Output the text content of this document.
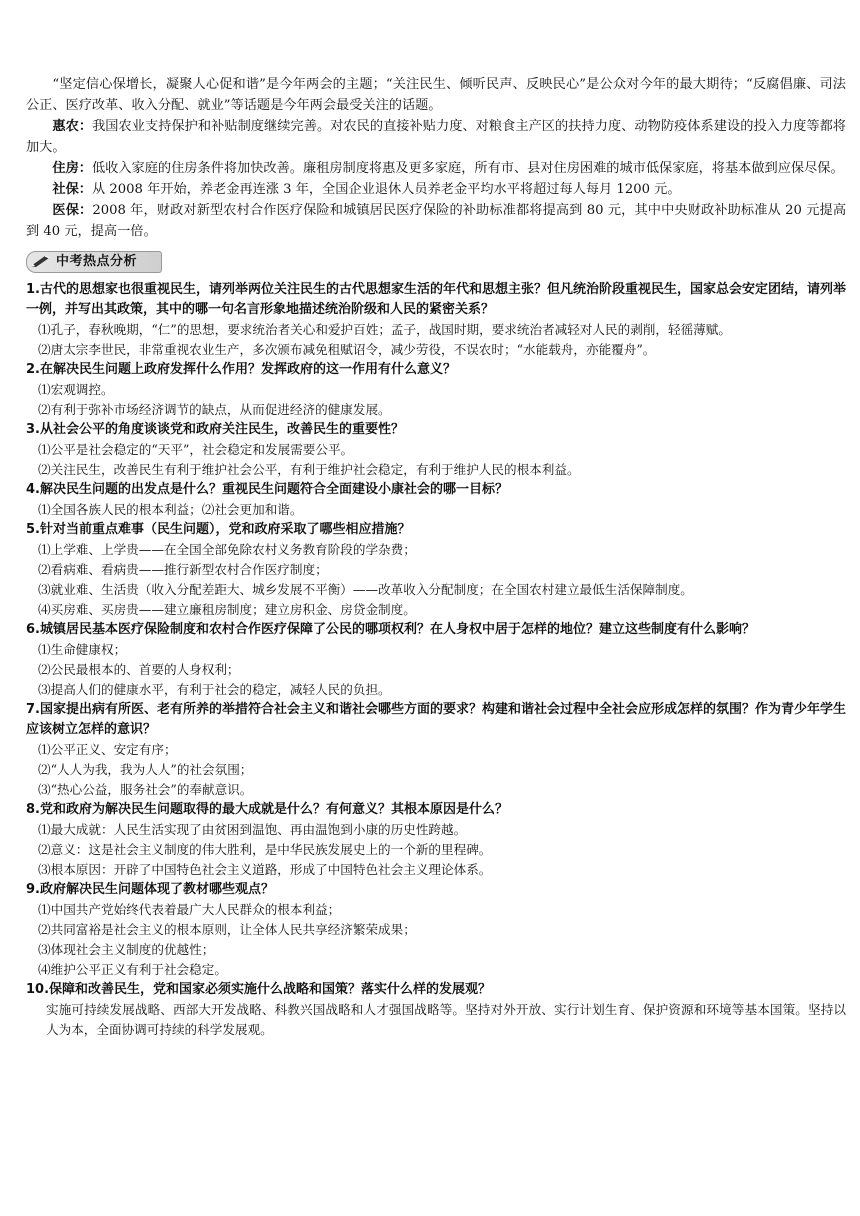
“坚定信心保增长，凝聚人心促和谐”是今年两会的主题；“关注民生、倾听民声、反映民心”是公众对今年的最大期待；“反腐倡廉、司法公正、医疗改革、收入分配、就业”等话题是今年两会最受关注的话题。

惠农：我国农业支持保护和补贴制度继续完善。对农民的直接补贴力度、对粮食主产区的扶持力度、动物防疫体系建设的投入力度等都将加大。

住房：低收入家庭的住房条件将加快改善。廉租房制度将惠及更多家庭，所有市、县对住房困难的城市低保家庭，将基本做到应保尽保。

社保：从 2008 年开始，养老金再连涨 3 年，全国企业退休人员养老金平均水平将超过每人每月 1200 元。

医保：2008 年，财政对新型农村合作医疗保险和城镇居民医疗保险的补助标准都将提高到 80 元，其中中央财政补助标准从 20 元提高到 40 元，提高一倍。

中考热点分析

1.古代的思想家也很重视民生，请列举两位关注民生的古代思想家生活的年代和思想主张？但凡统治阶段重视民生，国家总会安定团结，请列举一例，并写出其政策，其中的哪一句名言形象地描述统治阶级和人民的紧密关系？

⑴孔子，春秋晚期，“仁”的思想，要求统治者关心和爱护百姓；孟子，战国时期，要求统治者减轻对人民的剥削，轻徭薄赋。

⑵唐太宗李世民，非常重视农业生产，多次颁布减免租赋诏令，减少劳役，不误农时；“水能载舟，亦能覆舟”。

2.在解决民生问题上政府发挥什么作用？发挥政府的这一作用有什么意义？

⑴宏观调控。

⑵有利于弥补市场经济调节的缺点，从而促进经济的健康发展。

3.从社会公平的角度谈谈党和政府关注民生，改善民生的重要性？

⑴公平是社会稳定的“天平”，社会稳定和发展需要公平。

⑵关注民生，改善民生有利于维护社会公平，有利于维护社会稳定，有利于维护人民的根本利益。

4.解决民生问题的出发点是什么？重视民生问题符合全面建设小康社会的哪一目标？

⑴全国各族人民的根本利益；⑵社会更加和谐。

5.针对当前重点难事（民生问题），党和政府采取了哪些相应措施？

⑴上学难、上学贵——在全国全部免除农村义务教育阶段的学杂费；

⑵看病难、看病贵——推行新型农村合作医疗制度；

⑶就业难、生活贵（收入分配差距大、城乡发展不平衡）——改革收入分配制度；在全国农村建立最低生活保障制度。

⑷买房难、买房贵——建立廉租房制度；建立房积金、房贷金制度。

6.城镇居民基本医疗保险制度和农村合作医疗保障了公民的哪项权利？在人身权中居于怎样的地位？建立这些制度有什么影响？

⑴生命健康权；

⑵公民最根本的、首要的人身权利；

⑶提高人们的健康水平，有利于社会的稳定，减轻人民的负担。

7.国家提出病有所医、老有所养的举措符合社会主义和谐社会哪些方面的要求？构建和谐社会过程中全社会应形成怎样的氛围？作为青少年学生应该树立怎样的意识？

⑴公平正义、安定有序；

⑵“人人为我，我为人人”的社会氛围；

⑶“热心公益，服务社会”的奉献意识。

8.党和政府为解决民生问题取得的最大成就是什么？有何意义？其根本原因是什么？

⑴最大成就：人民生活实现了由贫困到温饱、再由温饱到小康的历史性跨越。

⑵意义：这是社会主义制度的伟大胜利，是中华民族发展史上的一个新的里程碑。

⑶根本原因：开辟了中国特色社会主义道路，形成了中国特色社会主义理论体系。

9.政府解决民生问题体现了教材哪些观点？

⑴中国共产党始终代表着最广大人民群众的根本利益；

⑵共同富裕是社会主义的根本原则，让全体人民共享经济繁荣成果；

⑶体现社会主义制度的优越性；

⑷维护公平正义有利于社会稳定。

10.保障和改善民生，党和国家必须实施什么战略和国策？落实什么样的发展观？

实施可持续发展战略、西部大开发战略、科教兴国战略和人才强国战略等。坚持对外开放、实行计划生育、保护资源和环境等基本国策。坚持以人为本，全面协调可持续的科学发展观。
